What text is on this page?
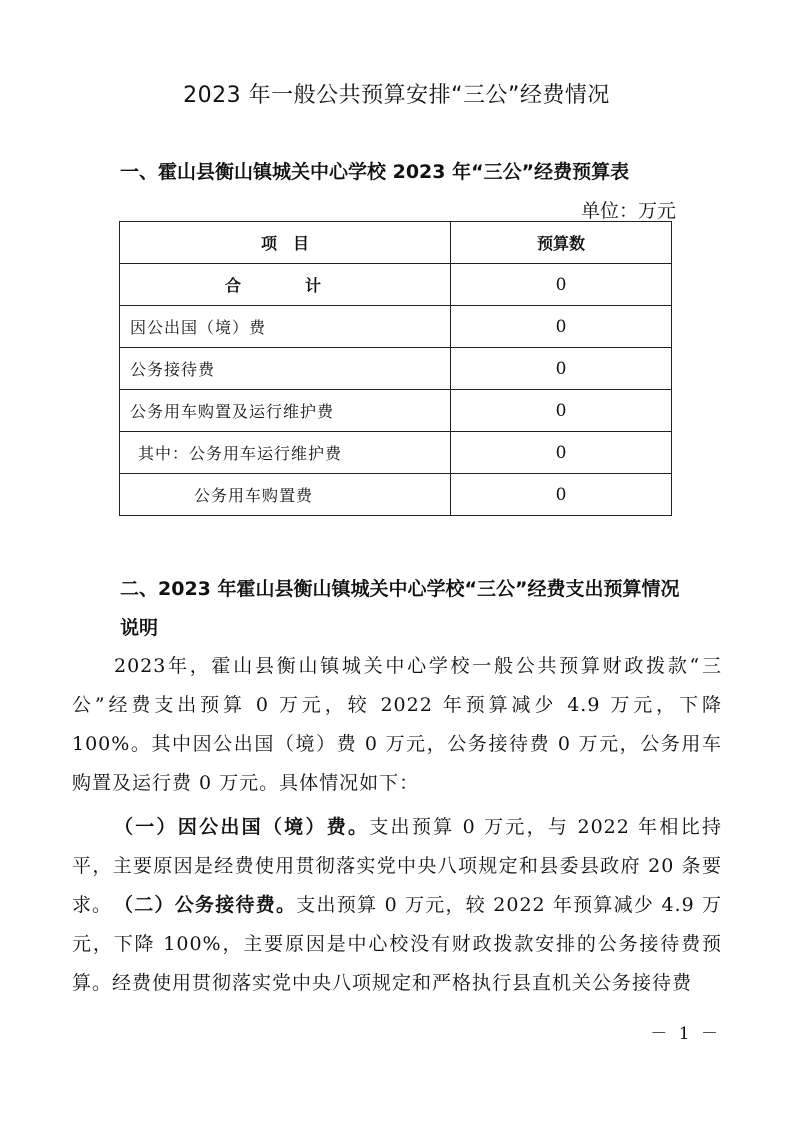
2023 年一般公共预算安排“三公”经费情况
一、霍山县衡山镇城关中心学校 2023 年“三公”经费预算表
单位：万元
项　目	预算数
合　计	0
因公出国（境）费	0
公务接待费	0
公务用车购置及运行维护费	0
其中：公务用车运行维护费	0
公务用车购置费	0
二、2023 年霍山县衡山镇城关中心学校“三公”经费支出预算情况说明
2023年，霍山县衡山镇城关中心学校一般公共预算财政拨款“三公”经费支出预算 0 万元，较 2022 年预算减少 4.9 万元，下降 100%。其中因公出国（境）费 0 万元，公务接待费 0 万元，公务用车购置及运行费 0 万元。具体情况如下：
（一）因公出国（境）费。支出预算 0 万元，与 2022 年相比持平，主要原因是经费使用贯彻落实党中央八项规定和县委县政府 20 条要求。 （二）公务接待费。支出预算 0 万元，较 2022 年预算减少 4.9 万元，下降 100%，主要原因是中心校没有财政拨款安排的公务接待费预算。经费使用贯彻落实党中央八项规定和严格执行县直机关公务接待费
－ 1 －
